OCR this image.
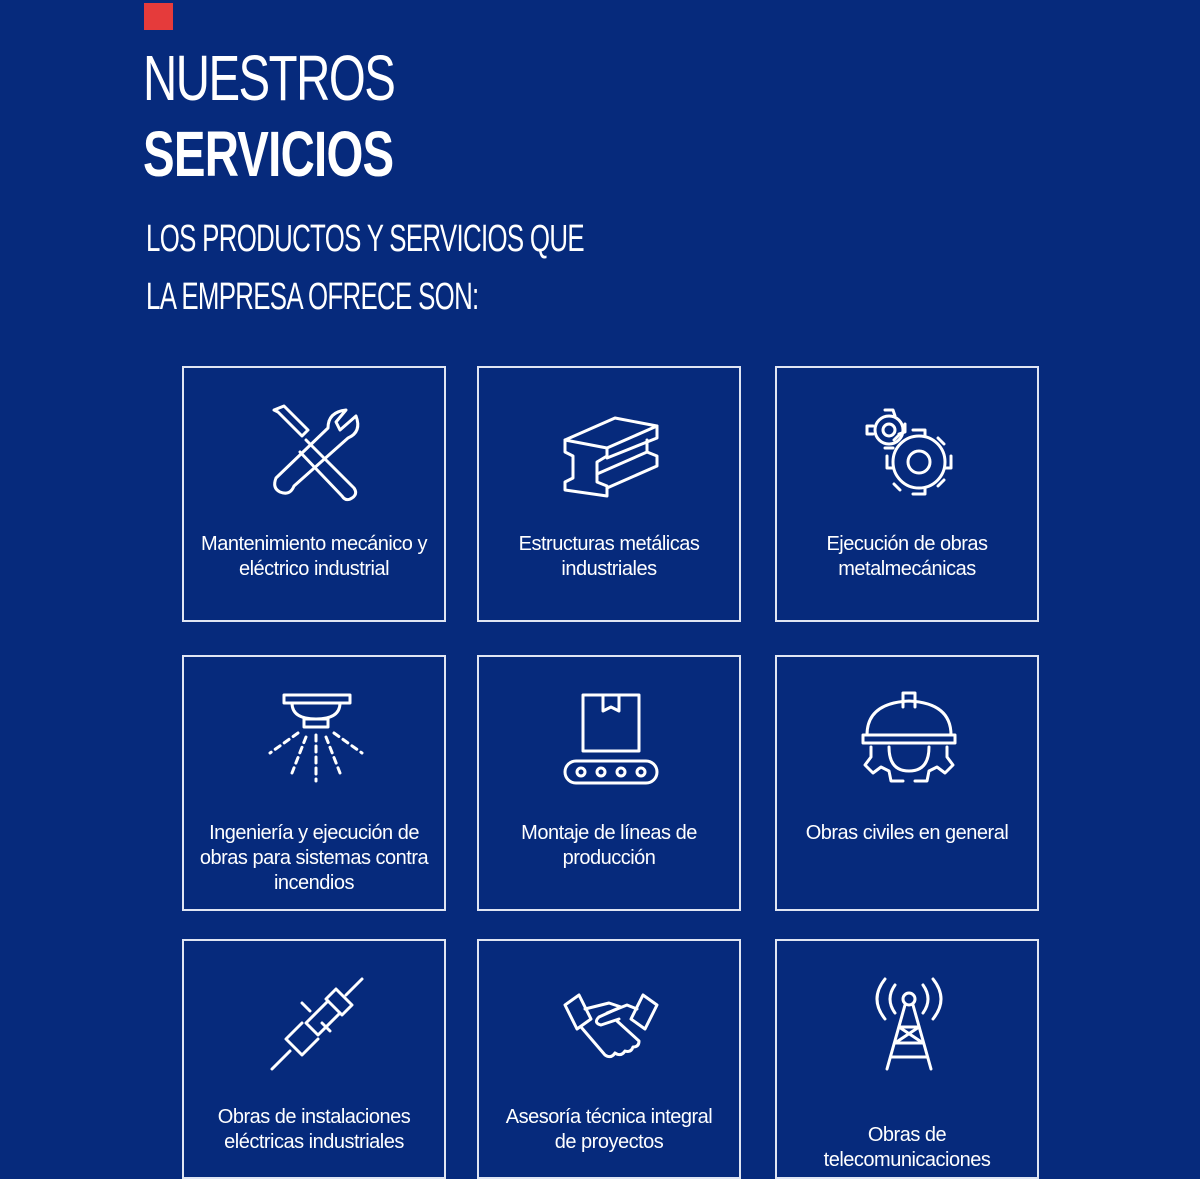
NUESTROS
SERVICIOS
LOS PRODUCTOS Y SERVICIOS QUE
LA EMPRESA OFRECE SON:
Mantenimiento mecánico y eléctrico industrial
Estructuras metálicas industriales
Ejecución de obras metalmecánicas
Ingeniería y ejecución de obras para sistemas contra incendios
Montaje de líneas de producción
Obras civiles en general
Obras de instalaciones eléctricas industriales
Asesoría técnica integral de proyectos	Obras de telecomunicaciones
